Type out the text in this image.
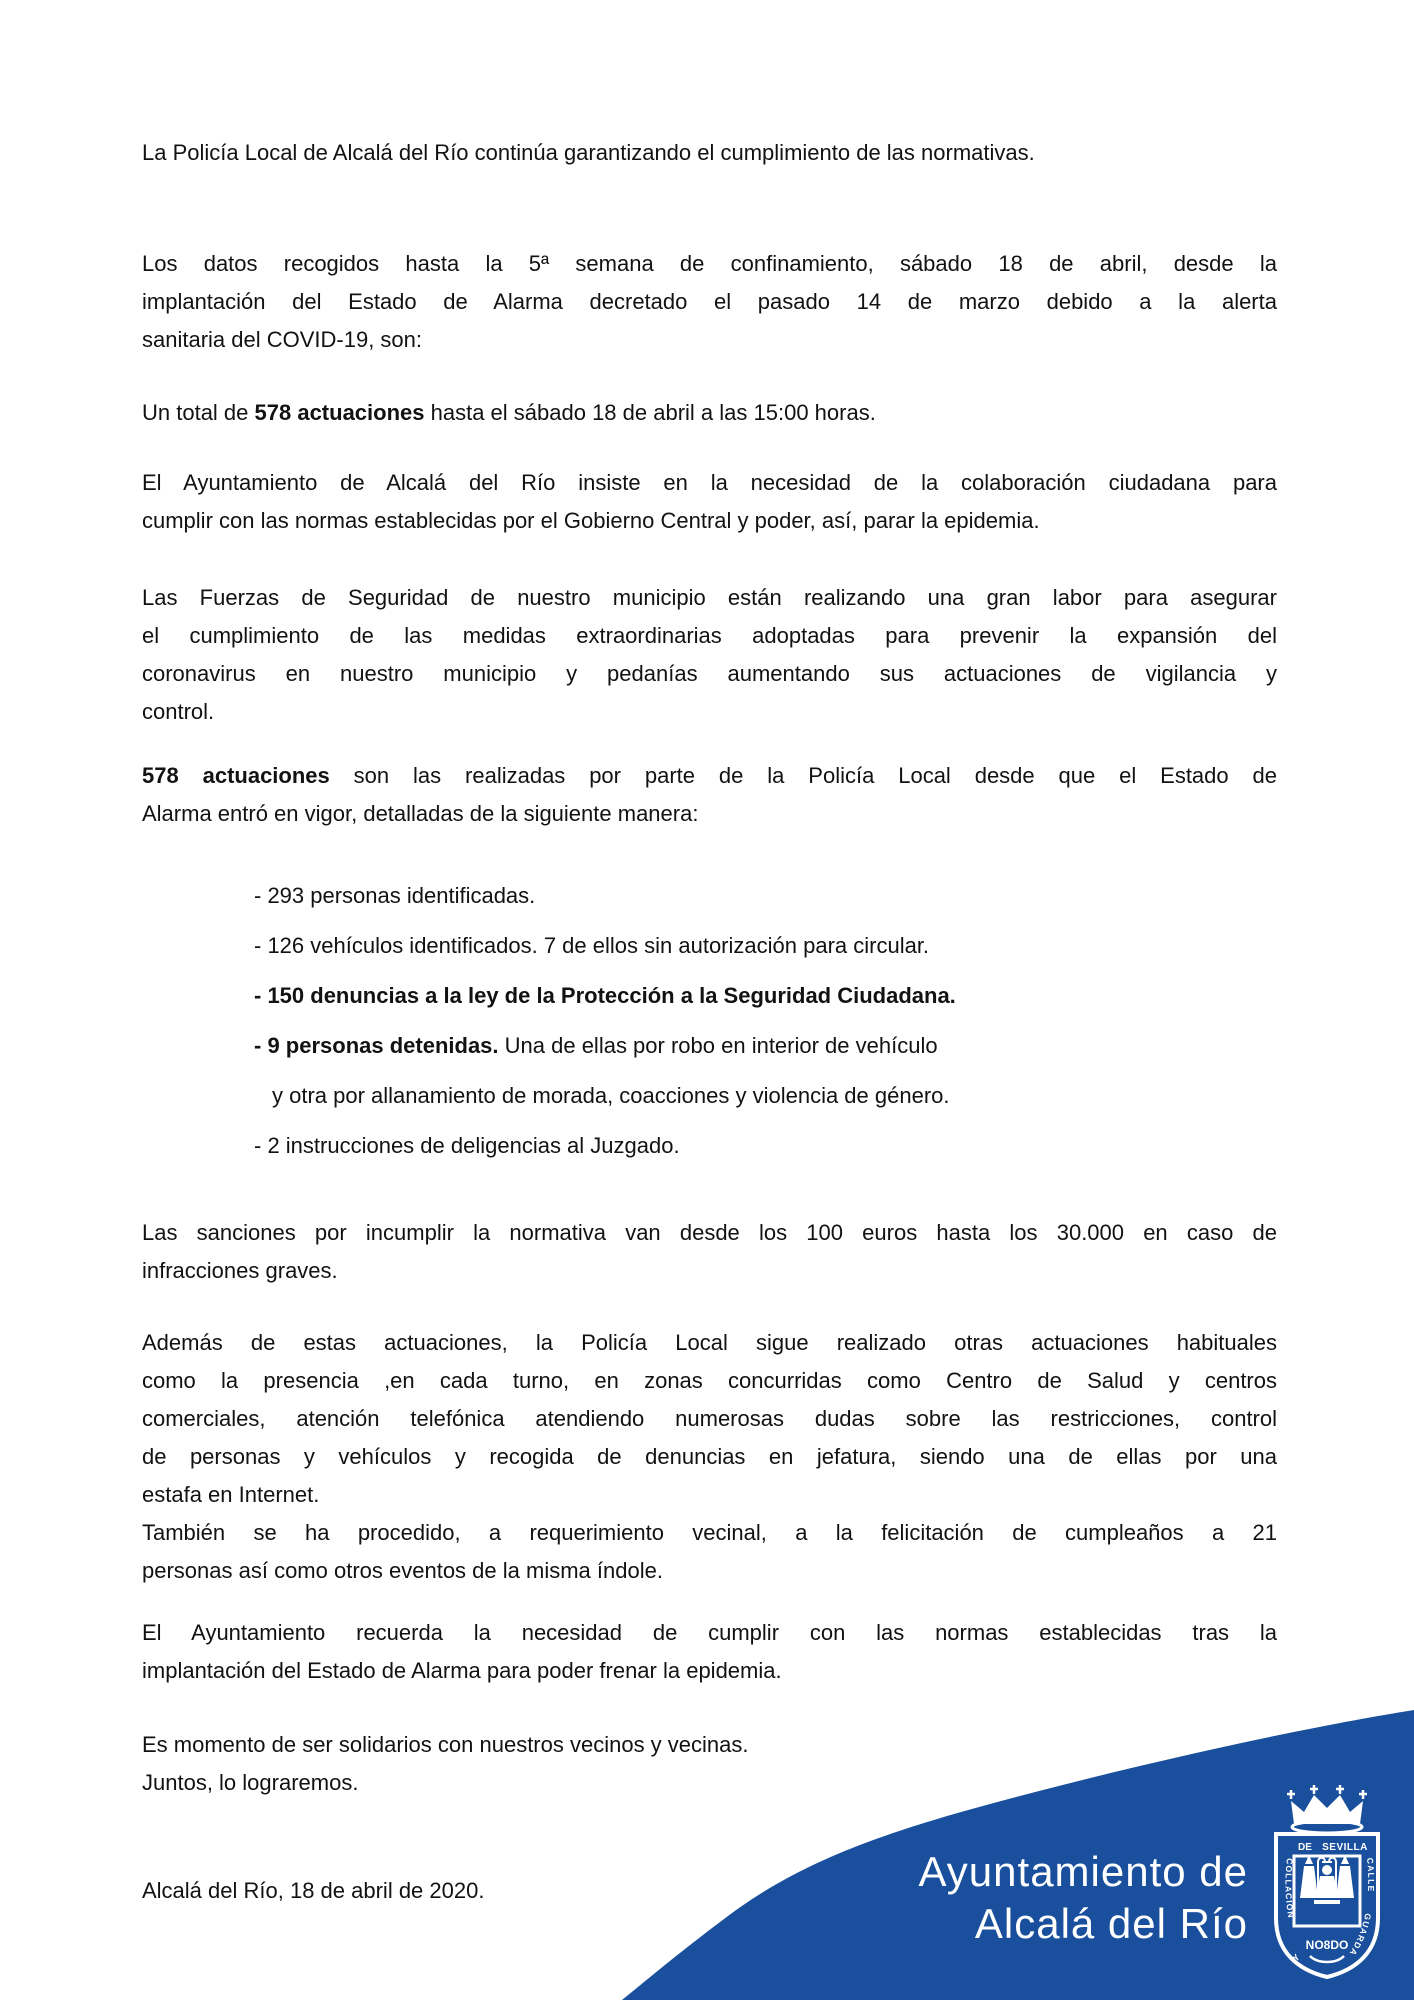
La Policía Local de Alcalá del Río continúa garantizando el cumplimiento de las normativas.

Los datos recogidos hasta la 5ª semana de confinamiento, sábado 18 de abril, desde la
implantación del Estado de Alarma decretado el pasado 14 de marzo debido a la alerta
sanitaria del COVID-19, son:

Un total de 578 actuaciones hasta el sábado 18 de abril a las 15:00 horas.

El Ayuntamiento de Alcalá del Río insiste en la necesidad de la colaboración ciudadana para
cumplir con las normas establecidas por el Gobierno Central y poder, así, parar la epidemia.

Las Fuerzas de Seguridad de nuestro municipio están realizando una gran labor para asegurar
el cumplimiento de las medidas extraordinarias adoptadas para prevenir la expansión del
coronavirus en nuestro municipio y pedanías aumentando sus actuaciones de vigilancia y
control.

578 actuaciones son las realizadas por parte de la Policía Local desde que el Estado de
Alarma entró en vigor, detalladas de la siguiente manera:

- 293 personas identificadas.

- 126 vehículos identificados. 7 de ellos sin autorización para circular.

- 150 denuncias a la ley de la Protección a la Seguridad Ciudadana.

- 9 personas detenidas. Una de ellas por robo en interior de vehículo

y otra por allanamiento de morada, coacciones y violencia de género.

- 2 instrucciones de deligencias al Juzgado.

Las sanciones por incumplir la normativa van desde los 100 euros hasta los 30.000 en caso de
infracciones graves.

Además de estas actuaciones, la Policía Local sigue realizado otras actuaciones habituales
como la presencia ,en cada turno, en zonas concurridas como Centro de Salud y centros
comerciales, atención telefónica atendiendo numerosas dudas sobre las restricciones, control
de personas y vehículos y recogida de denuncias en jefatura, siendo una de ellas por una
estafa en Internet.

También se ha procedido, a requerimiento vecinal, a la felicitación de cumpleaños a 21
personas así como otros eventos de la misma índole.

El Ayuntamiento recuerda la necesidad de cumplir con las normas establecidas tras la
implantación del Estado de Alarma para poder frenar la epidemia.

Es momento de ser solidarios con nuestros vecinos y vecinas.

Juntos, lo lograremos.

Alcalá del Río, 18 de abril de 2020.	Ayuntamiento de
Alcalá del Río
DE SEVILLA
COLLACION
CALLE
GUARDA
Y
NO8DO
